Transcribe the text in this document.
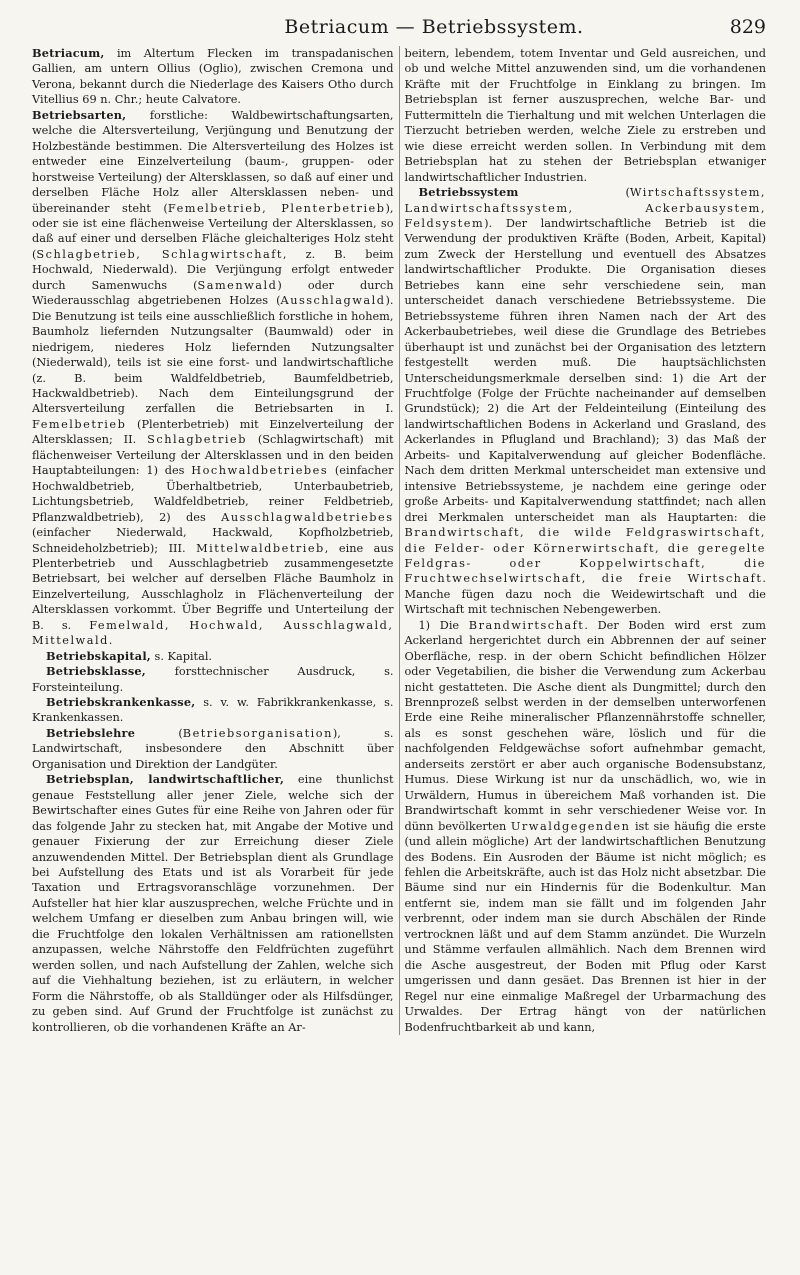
Betriacum — Betriebssystem.	829

Betriacum, im Altertum Flecken im transpadanischen Gallien, am untern Ollius (Oglio), zwischen Cremona und Verona, bekannt durch die Niederlage des Kaisers Otho durch Vitellius 69 n. Chr.; heute Calvatore.

Betriebsarten, forstliche: Waldbewirtschaftungsarten, welche die Altersverteilung, Verjüngung und Benutzung der Holzbestände bestimmen. Die Altersverteilung des Holzes ist entweder eine Einzelverteilung (baum-, gruppen- oder horstweise Verteilung) der Altersklassen, so daß auf einer und derselben Fläche Holz aller Altersklassen neben- und übereinander steht (Femelbetrieb, Plenterbetrieb), oder sie ist eine flächenweise Verteilung der Altersklassen, so daß auf einer und derselben Fläche gleichalteriges Holz steht (Schlagbetrieb, Schlagwirtschaft, z. B. beim Hochwald, Niederwald). Die Verjüngung erfolgt entweder durch Samenwuchs (Samenwald) oder durch Wiederausschlag abgetriebenen Holzes (Ausschlagwald). Die Benutzung ist teils eine ausschließlich forstliche in hohem, Baumholz liefernden Nutzungsalter (Baumwald) oder in niedrigem, niederes Holz liefernden Nutzungsalter (Niederwald), teils ist sie eine forst- und landwirtschaftliche (z. B. beim Waldfeldbetrieb, Baumfeldbetrieb, Hackwaldbetrieb). Nach dem Einteilungsgrund der Altersverteilung zerfallen die Betriebsarten in I. Femelbetrieb (Plenterbetrieb) mit Einzelverteilung der Altersklassen; II. Schlagbetrieb (Schlagwirtschaft) mit flächenweiser Verteilung der Altersklassen und in den beiden Hauptabteilungen: 1) des Hochwaldbetriebes (einfacher Hochwaldbetrieb, Überhaltbetrieb, Unterbaubetrieb, Lichtungsbetrieb, Waldfeldbetrieb, reiner Feldbetrieb, Pflanzwaldbetrieb), 2) des Ausschlagwaldbetriebes (einfacher Niederwald, Hackwald, Kopfholzbetrieb, Schneideholzbetrieb); III. Mittelwaldbetrieb, eine aus Plenterbetrieb und Ausschlagbetrieb zusammengesetzte Betriebsart, bei welcher auf derselben Fläche Baumholz in Einzelverteilung, Ausschlagholz in Flächenverteilung der Altersklassen vorkommt. Über Begriffe und Unterteilung der B. s. Femelwald, Hochwald, Ausschlagwald, Mittelwald.

Betriebskapital, s. Kapital.

Betriebsklasse, forsttechnischer Ausdruck, s. Forsteinteilung.

Betriebskrankenkasse, s. v. w. Fabrikkrankenkasse, s. Krankenkassen.

Betriebslehre (Betriebsorganisation), s. Landwirtschaft, insbesondere den Abschnitt über Organisation und Direktion der Landgüter.

Betriebsplan, landwirtschaftlicher, eine thunlichst genaue Feststellung aller jener Ziele, welche sich der Bewirtschafter eines Gutes für eine Reihe von Jahren oder für das folgende Jahr zu stecken hat, mit Angabe der Motive und genauer Fixierung der zur Erreichung dieser Ziele anzuwendenden Mittel. Der Betriebsplan dient als Grundlage bei Aufstellung des Etats und ist als Vorarbeit für jede Taxation und Ertragsvoranschläge vorzunehmen. Der Aufsteller hat hier klar auszusprechen, welche Früchte und in welchem Umfang er dieselben zum Anbau bringen will, wie die Fruchtfolge den lokalen Verhältnissen am rationellsten anzupassen, welche Nährstoffe den Feldfrüchten zugeführt werden sollen, und nach Aufstellung der Zahlen, welche sich auf die Viehhaltung beziehen, ist zu erläutern, in welcher Form die Nährstoffe, ob als Stalldünger oder als Hilfsdünger, zu geben sind. Auf Grund der Fruchtfolge ist zunächst zu kontrollieren, ob die vorhandenen Kräfte an Ar-

beitern, lebendem, totem Inventar und Geld ausreichen, und ob und welche Mittel anzuwenden sind, um die vorhandenen Kräfte mit der Fruchtfolge in Einklang zu bringen. Im Betriebsplan ist ferner auszusprechen, welche Bar- und Futtermitteln die Tierhaltung und mit welchen Unterlagen die Tierzucht betrieben werden, welche Ziele zu erstreben und wie diese erreicht werden sollen. In Verbindung mit dem Betriebsplan hat zu stehen der Betriebsplan etwaniger landwirtschaftlicher Industrien.

Betriebssystem (Wirtschaftssystem, Landwirtschaftssystem, Ackerbausystem, Feldsystem). Der landwirtschaftliche Betrieb ist die Verwendung der produktiven Kräfte (Boden, Arbeit, Kapital) zum Zweck der Herstellung und eventuell des Absatzes landwirtschaftlicher Produkte. Die Organisation dieses Betriebes kann eine sehr verschiedene sein, man unterscheidet danach verschiedene Betriebssysteme. Die Betriebssysteme führen ihren Namen nach der Art des Ackerbaubetriebes, weil diese die Grundlage des Betriebes überhaupt ist und zunächst bei der Organisation des letztern festgestellt werden muß. Die hauptsächlichsten Unterscheidungsmerkmale derselben sind: 1) die Art der Fruchtfolge (Folge der Früchte nacheinander auf demselben Grundstück); 2) die Art der Feldeinteilung (Einteilung des landwirtschaftlichen Bodens in Ackerland und Grasland, des Ackerlandes in Pflugland und Brachland); 3) das Maß der Arbeits- und Kapitalverwendung auf gleicher Bodenfläche. Nach dem dritten Merkmal unterscheidet man extensive und intensive Betriebssysteme, je nachdem eine geringe oder große Arbeits- und Kapitalverwendung stattfindet; nach allen drei Merkmalen unterscheidet man als Hauptarten: die Brandwirtschaft, die wilde Feldgraswirtschaft, die Felder- oder Körnerwirtschaft, die geregelte Feldgras- oder Koppelwirtschaft, die Fruchtwechselwirtschaft, die freie Wirtschaft. Manche fügen dazu noch die Weidewirtschaft und die Wirtschaft mit technischen Nebengewerben.

1) Die Brandwirtschaft. Der Boden wird erst zum Ackerland hergerichtet durch ein Abbrennen der auf seiner Oberfläche, resp. in der obern Schicht befindlichen Hölzer oder Vegetabilien, die bisher die Verwendung zum Ackerbau nicht gestatteten. Die Asche dient als Dungmittel; durch den Brennprozeß selbst werden in der demselben unterworfenen Erde eine Reihe mineralischer Pflanzennährstoffe schneller, als es sonst geschehen wäre, löslich und für die nachfolgenden Feldgewächse sofort aufnehmbar gemacht, anderseits zerstört er aber auch organische Bodensubstanz, Humus. Diese Wirkung ist nur da unschädlich, wo, wie in Urwäldern, Humus in übereichem Maß vorhanden ist. Die Brandwirtschaft kommt in sehr verschiedener Weise vor. In dünn bevölkerten Urwaldgegenden ist sie häufig die erste (und allein mögliche) Art der landwirtschaftlichen Benutzung des Bodens. Ein Ausroden der Bäume ist nicht möglich; es fehlen die Arbeitskräfte, auch ist das Holz nicht absetzbar. Die Bäume sind nur ein Hindernis für die Bodenkultur. Man entfernt sie, indem man sie fällt und im folgenden Jahr verbrennt, oder indem man sie durch Abschälen der Rinde vertrocknen läßt und auf dem Stamm anzündet. Die Wurzeln und Stämme verfaulen allmählich. Nach dem Brennen wird die Asche ausgestreut, der Boden mit Pflug oder Karst umgerissen und dann gesäet. Das Brennen ist hier in der Regel nur eine einmalige Maßregel der Urbarmachung des Urwaldes. Der Ertrag hängt von der natürlichen Bodenfruchtbarkeit ab und kann,
